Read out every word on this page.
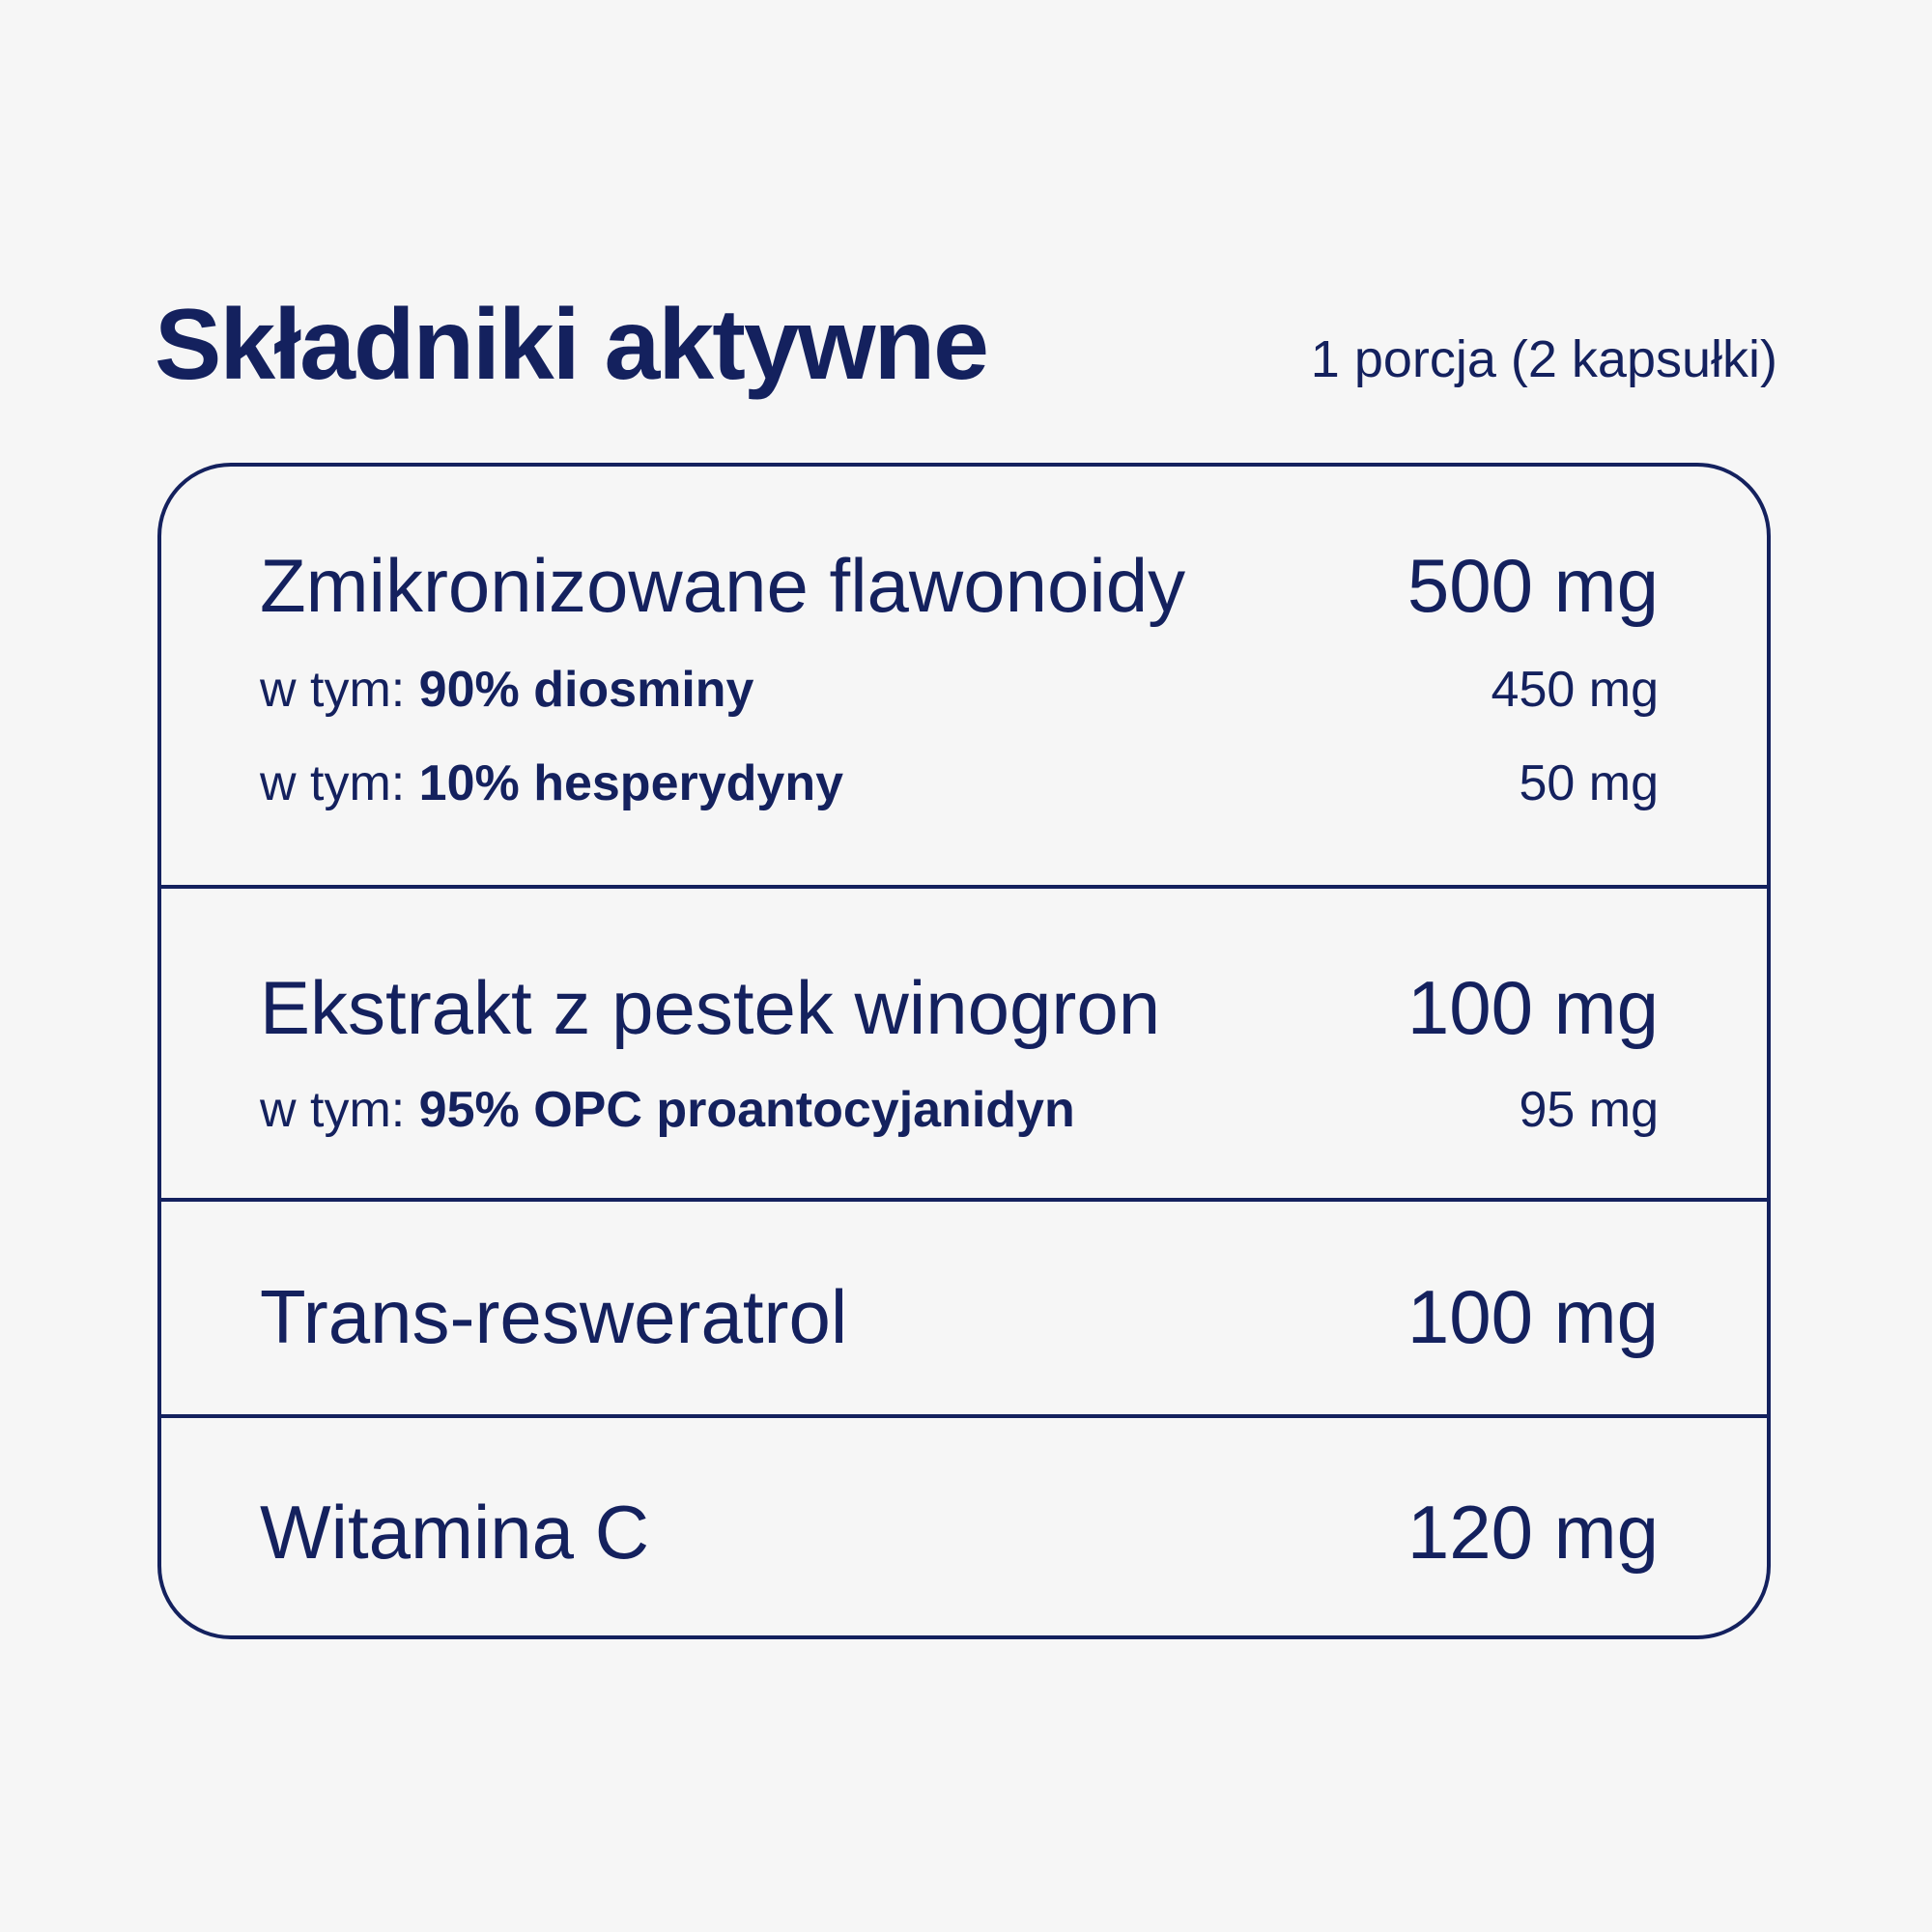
Składniki aktywne	1 porcja (2 kapsułki)
Zmikronizowane flawonoidy	500 mg
w tym: 90% diosminy	450 mg
w tym: 10% hesperydyny	50 mg
Ekstrakt z pestek winogron	100 mg
w tym: 95% OPC proantocyjanidyn	95 mg
Trans-resweratrol	100 mg
Witamina C	120 mg
